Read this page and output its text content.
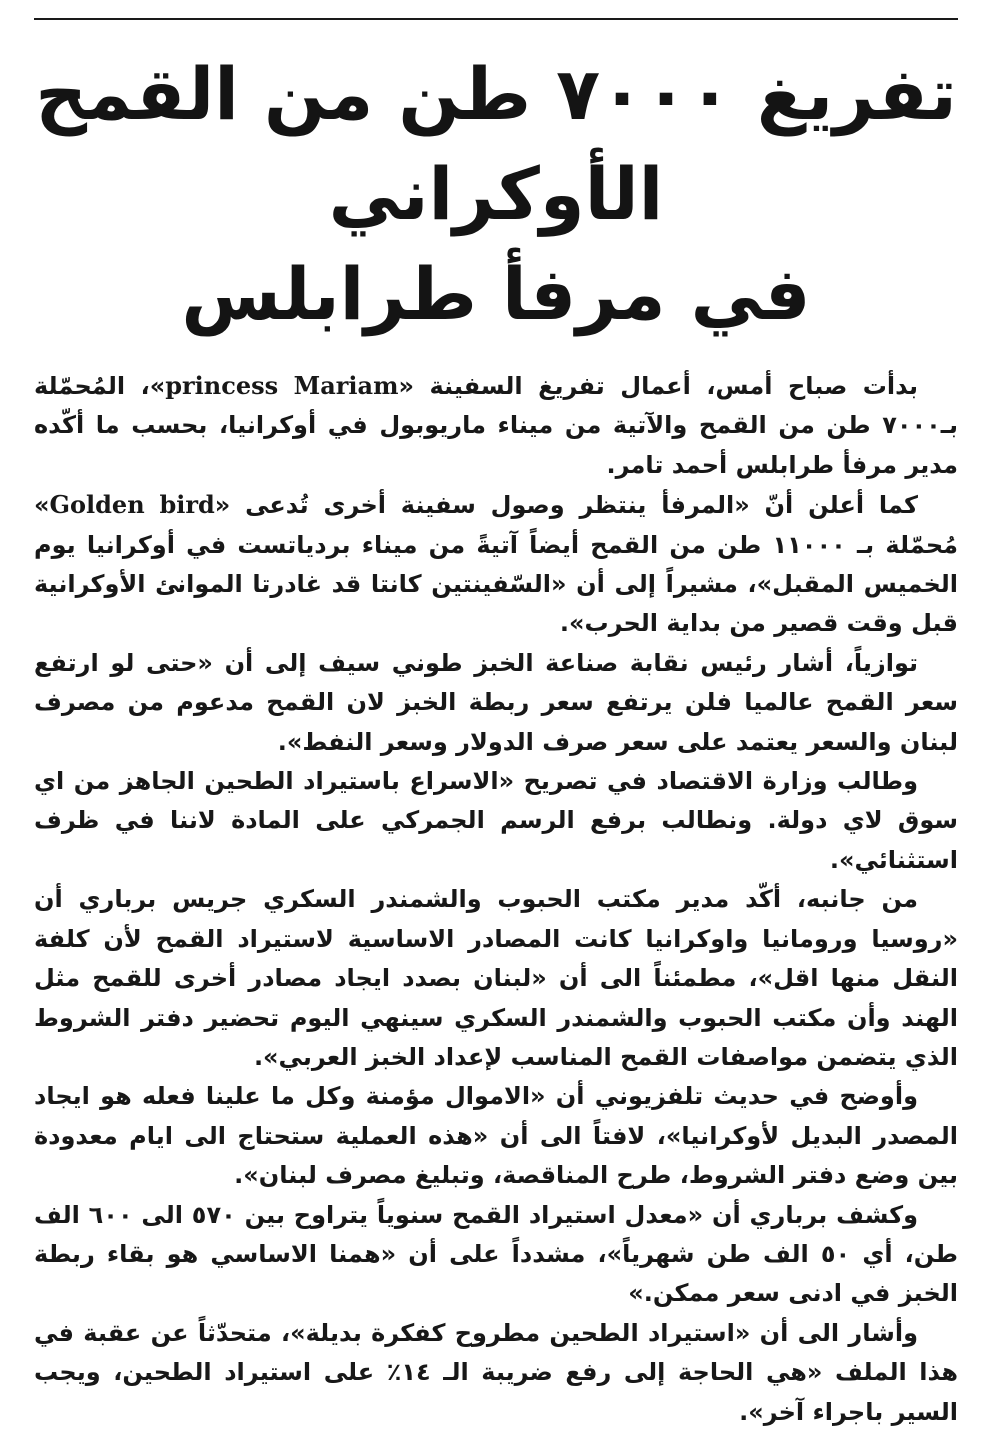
تفريغ ٧٠٠٠ طن من القمح الأوكراني
في مرفأ طرابلس

بدأت صباح أمس، أعمال تفريغ السفينة «princess Mariam»، المُحمّلة بـ٧٠٠٠ طن من القمح والآتية من ميناء ماريوبول في أوكرانيا، بحسب ما أكّده مدير مرفأ طرابلس أحمد تامر.

كما أعلن أنّ «المرفأ ينتظر وصول سفينة أخرى تُدعى «Golden bird» مُحمّلة بـ ١١٠٠٠ طن من القمح أيضاً آتيةً من ميناء بردياتست في أوكرانيا يوم الخميس المقبل»، مشيراً إلى أن «السّفينتين كانتا قد غادرتا الموانئ الأوكرانية قبل وقت قصير من بداية الحرب».

توازياً، أشار رئيس نقابة صناعة الخبز طوني سيف إلى أن «حتى لو ارتفع سعر القمح عالميا فلن يرتفع سعر ربطة الخبز لان القمح مدعوم من مصرف لبنان والسعر يعتمد على سعر صرف الدولار وسعر النفط».

وطالب وزارة الاقتصاد في تصريح «الاسراع باستيراد الطحين الجاهز من اي سوق لاي دولة. ونطالب برفع الرسم الجمركي على المادة لاننا في ظرف استثنائي».

من جانبه، أكّد مدير مكتب الحبوب والشمندر السكري جريس برباري أن «روسيا ورومانيا واوكرانيا كانت المصادر الاساسية لاستيراد القمح لأن كلفة النقل منها اقل»، مطمئناً الى أن «لبنان بصدد ايجاد مصادر أخرى للقمح مثل الهند وأن مكتب الحبوب والشمندر السكري سينهي اليوم تحضير دفتر الشروط الذي يتضمن مواصفات القمح المناسب لإعداد الخبز العربي».

وأوضح في حديث تلفزيوني أن «الاموال مؤمنة وكل ما علينا فعله هو ايجاد المصدر البديل لأوكرانيا»، لافتاً الى أن «هذه العملية ستحتاج الى ايام معدودة بين وضع دفتر الشروط، طرح المناقصة، وتبليغ مصرف لبنان».

وكشف برباري أن «معدل استيراد القمح سنوياً يتراوح بين ٥٧٠ الى ٦٠٠ الف طن، أي ٥٠ الف طن شهرياً»، مشدداً على أن «همنا الاساسي هو بقاء ربطة الخبز في ادنى سعر ممكن.»

وأشار الى أن «استيراد الطحين مطروح كفكرة بديلة»، متحدّثاً عن عقبة في هذا الملف «هي الحاجة إلى رفع ضريبة الـ ١٤٪ على استيراد الطحين، ويجب السير باجراء آخر».
